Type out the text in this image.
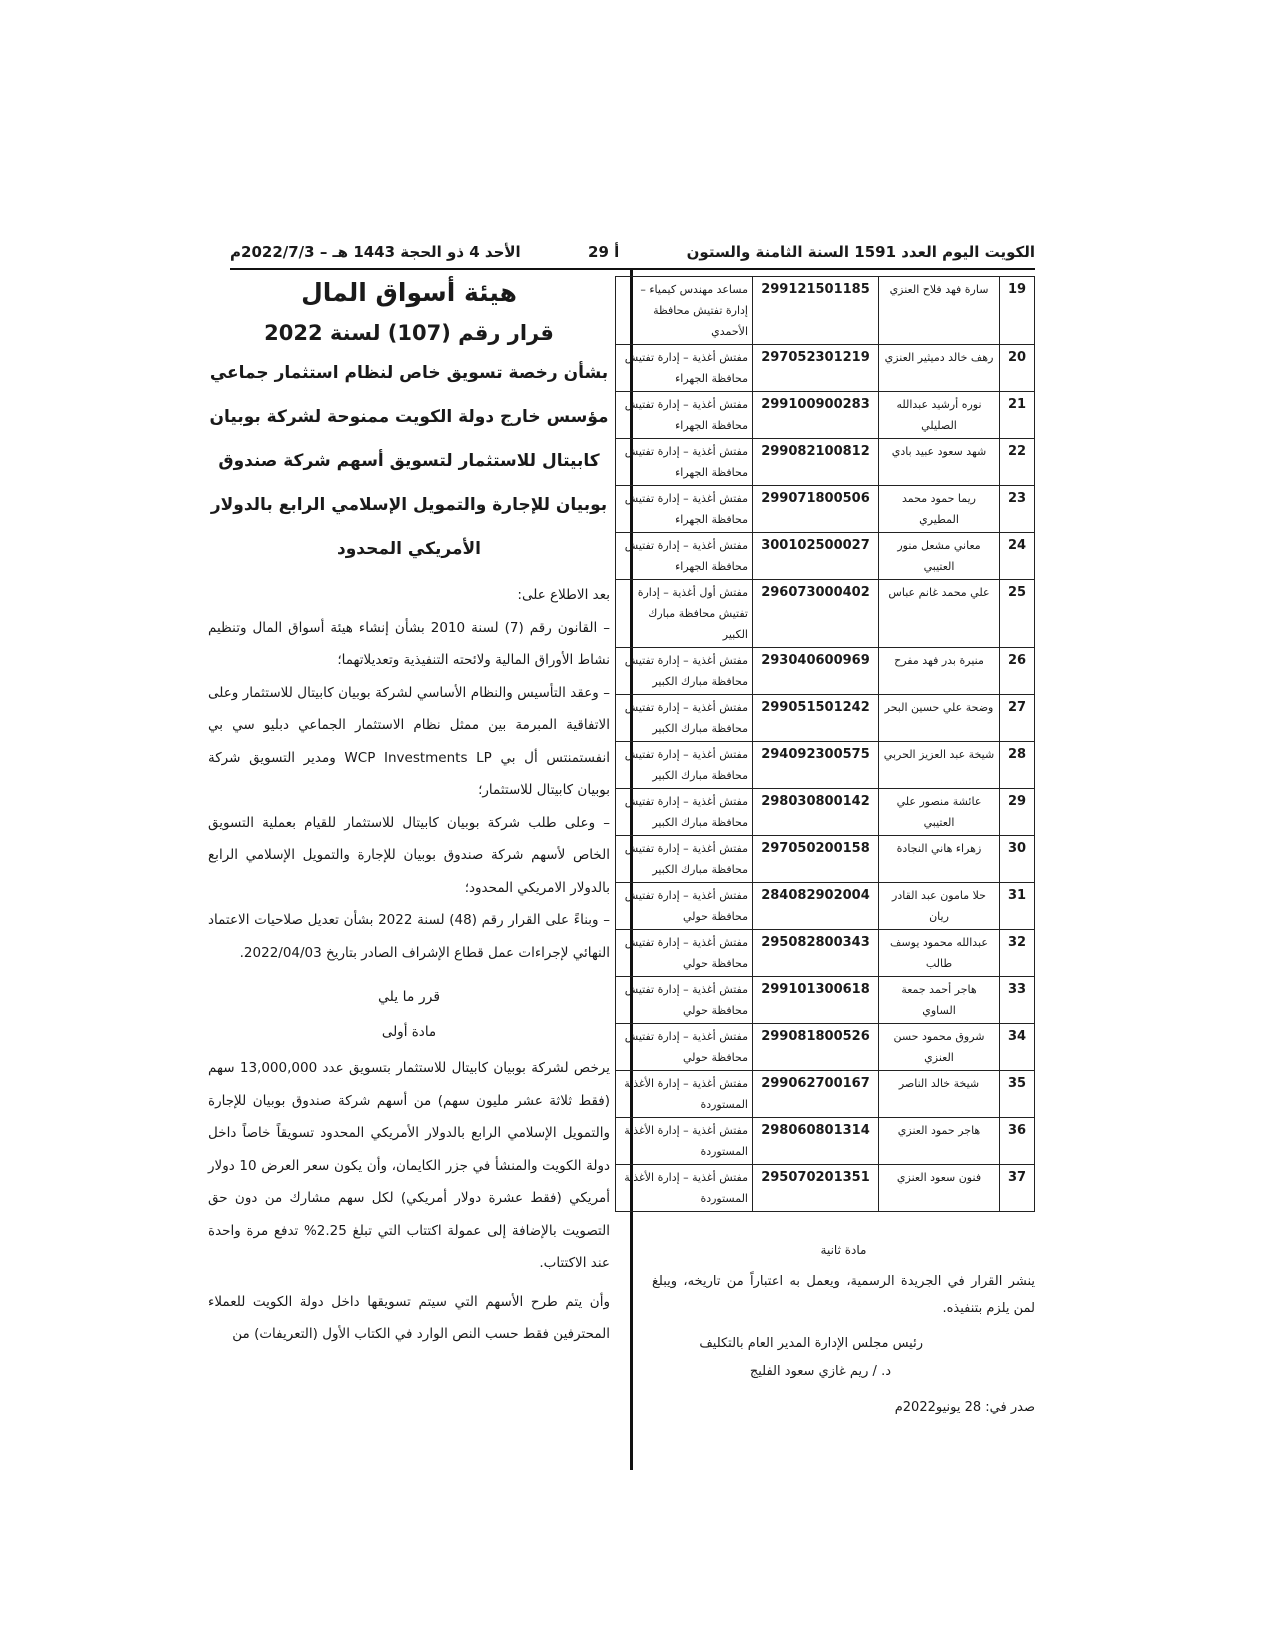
الكويت اليوم العدد 1591 السنة الثامنة والستون
أ 29
الأحد 4 ذو الحجة 1443 هـ – 2022/7/3م
19	سارة فهد فلاح العنزي	299121501185	مساعد مهندس كيمياء – إدارة تفتيش محافظة الأحمدي
20	رهف خالد دميثير العنزي	297052301219	مفتش أغذية – إدارة تفتيش محافظة الجهراء
21	نوره أرشيد عبدالله الصليلي	299100900283	مفتش أغذية – إدارة تفتيش محافظة الجهراء
22	شهد سعود عبيد بادي	299082100812	مفتش أغذية – إدارة تفتيش محافظة الجهراء
23	ريما حمود محمد المطيري	299071800506	مفتش أغذية – إدارة تفتيش محافظة الجهراء
24	معاني مشعل منور العتيبي	300102500027	مفتش أغذية – إدارة تفتيش محافظة الجهراء
25	علي محمد غانم عباس	296073000402	مفتش أول أغذية – إدارة تفتيش محافظة مبارك الكبير
26	منيرة بدر فهد مفرح	293040600969	مفتش أغذية – إدارة تفتيش محافظة مبارك الكبير
27	وضحة علي حسين البحر	299051501242	مفتش أغذية – إدارة تفتيش محافظة مبارك الكبير
28	شيخة عبد العزيز الحربي	294092300575	مفتش أغذية – إدارة تفتيش محافظة مبارك الكبير
29	عائشة منصور علي العتيبي	298030800142	مفتش أغذية – إدارة تفتيش محافظة مبارك الكبير
30	زهراء هاني النجادة	297050200158	مفتش أغذية – إدارة تفتيش محافظة مبارك الكبير
31	حلا مامون عبد القادر ريان	284082902004	مفتش أغذية – إدارة تفتيش محافظة حولي
32	عبدالله محمود يوسف طالب	295082800343	مفتش أغذية – إدارة تفتيش محافظة حولي
33	هاجر أحمد جمعة الساوي	299101300618	مفتش أغذية – إدارة تفتيش محافظة حولي
34	شروق محمود حسن العنزي	299081800526	مفتش أغذية – إدارة تفتيش محافظة حولي
35	شيخة خالد الناصر	299062700167	مفتش أغذية – إدارة الأغذية المستوردة
36	هاجر حمود العنزي	298060801314	مفتش أغذية – إدارة الأغذية المستوردة
37	فنون سعود العنزي	295070201351	مفتش أغذية – إدارة الأغذية المستوردة
مادة ثانية
ينشر القرار في الجريدة الرسمية، ويعمل به اعتباراً من تاريخه، ويبلغ لمن يلزم بتنفيذه.
رئيس مجلس الإدارة المدير العام بالتكليف
د. / ريم غازي سعود الفليج
صدر في: 28 يونيو2022م
هيئة أسواق المال
قرار رقم (107) لسنة 2022
بشأن رخصة تسويق خاص لنظام استثمار جماعي مؤسس خارج دولة الكويت ممنوحة لشركة بوبيان كابيتال للاستثمار لتسويق أسهم شركة صندوق بوبيان للإجارة والتمويل الإسلامي الرابع بالدولار الأمريكي المحدود

بعد الاطلاع على:

– القانون رقم (7) لسنة 2010 بشأن إنشاء هيئة أسواق المال وتنظيم نشاط الأوراق المالية ولائحته التنفيذية وتعديلاتهما؛

– وعقد التأسيس والنظام الأساسي لشركة بوبيان كابيتال للاستثمار وعلى الاتفاقية المبرمة بين ممثل نظام الاستثمار الجماعي دبليو سي بي انفستمنتس أل بي WCP Investments LP ومدير التسويق شركة بوبيان كابيتال للاستثمار؛

– وعلى طلب شركة بوبيان كابيتال للاستثمار للقيام بعملية التسويق الخاص لأسهم شركة صندوق بوبيان للإجارة والتمويل الإسلامي الرابع بالدولار الامريكي المحدود؛

– وبناءً على القرار رقم (48) لسنة 2022 بشأن تعديل صلاحيات الاعتماد النهائي لإجراءات عمل قطاع الإشراف الصادر بتاريخ 2022/04/03.

قرر ما يلي
مادة أولى

يرخص لشركة بوبيان كابيتال للاستثمار بتسويق عدد 13,000,000 سهم (فقط ثلاثة عشر مليون سهم) من أسهم شركة صندوق بوبيان للإجارة والتمويل الإسلامي الرابع بالدولار الأمريكي المحدود تسويقاً خاصاً داخل دولة الكويت والمنشأ في جزر الكايمان، وأن يكون سعر العرض 10 دولار أمريكي (فقط عشرة دولار أمريكي) لكل سهم مشارك من دون حق التصويت بالإضافة إلى عمولة اكتتاب التي تبلغ 2.25% تدفع مرة واحدة عند الاكتتاب.

وأن يتم طرح الأسهم التي سيتم تسويقها داخل دولة الكويت للعملاء المحترفين فقط حسب النص الوارد في الكتاب الأول (التعريفات) من
